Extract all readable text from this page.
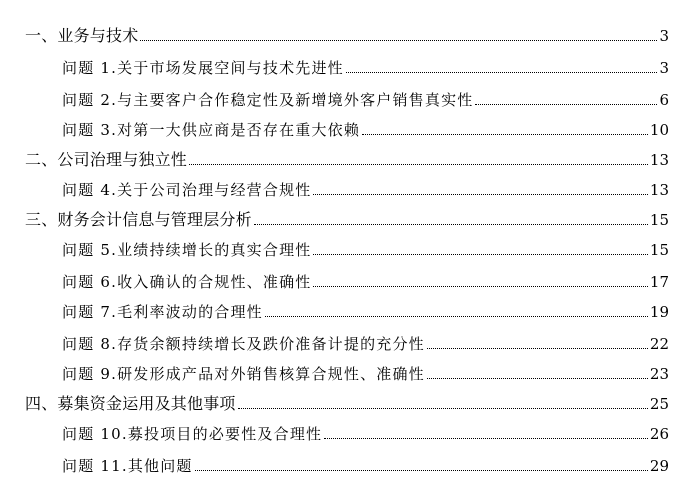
一、业务与技术	3
问题 1.关于市场发展空间与技术先进性	3
问题 2.与主要客户合作稳定性及新增境外客户销售真实性	6
问题 3.对第一大供应商是否存在重大依赖	10
二、公司治理与独立性	13
问题 4.关于公司治理与经营合规性	13
三、财务会计信息与管理层分析	15
问题 5.业绩持续增长的真实合理性	15
问题 6.收入确认的合规性、准确性	17
问题 7.毛利率波动的合理性	19
问题 8.存货余额持续增长及跌价准备计提的充分性	22
问题 9.研发形成产品对外销售核算合规性、准确性	23
四、募集资金运用及其他事项	25
问题 10.募投项目的必要性及合理性	26
问题 11.其他问题	29
